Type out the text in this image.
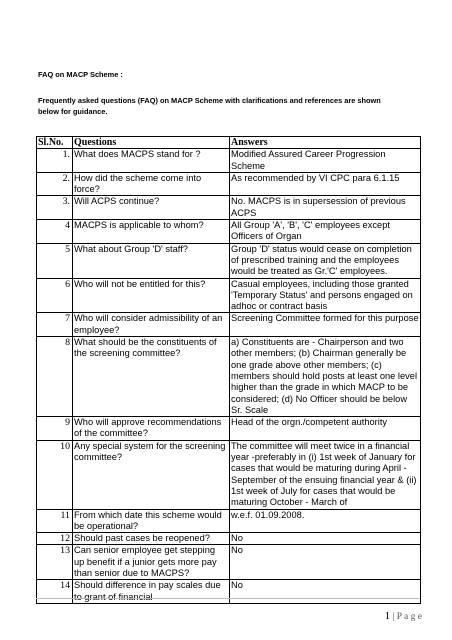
FAQ on MACP Scheme :
Frequently asked questions (FAQ) on MACP Scheme with clarifications and references are shown below for guidance.
Sl.No.	Questions	Answers
1.	What does MACPS stand for ?	Modified Assured Career Progression Scheme
2.	How did the scheme come into force?	As recommended by VI CPC para 6.1.15
3.	Will ACPS continue?	No. MACPS is in supersession of previous ACPS
4	MACPS is applicable to whom?	All Group 'A', 'B', 'C' employees except Officers of Organ
5	What about Group 'D' staff?	Group 'D' status would cease on completion of prescribed training and the employees would be treated as Gr.'C' employees.
6	Who will not be entitled for this?	Casual employees, including those granted 'Temporary Status' and persons engaged on adhoc or contract basis
7	Who will consider admissibility of an employee?	Screening Committee formed for this purpose
8	What should be the constituents of the screening committee?	a) Constituents are - Chairperson and two other members; (b) Chairman generally be one grade above other members; (c) members should hold posts at least one level higher than the grade in which MACP to be considered; (d) No Officer should be below Sr. Scale
9	Who will approve recommendations of the committee?	Head of the orgn./competent authority
10	Any special system for the screening committee?	The committee will meet twice in a financial year -preferably in (i) 1st week of January for cases that would be maturing during April - September of the ensuing financial year & (ii) 1st week of July for cases that would be maturing October - March of
11	From which date this scheme would be operational?	w.e.f. 01.09.2008.
12	Should past cases be reopened?	No
13	Can senior employee get stepping up benefit if a junior gets more pay than senior due to MACPS?	No
14	Should difference in pay scales due to grant of financial	No
1 | P a g e
